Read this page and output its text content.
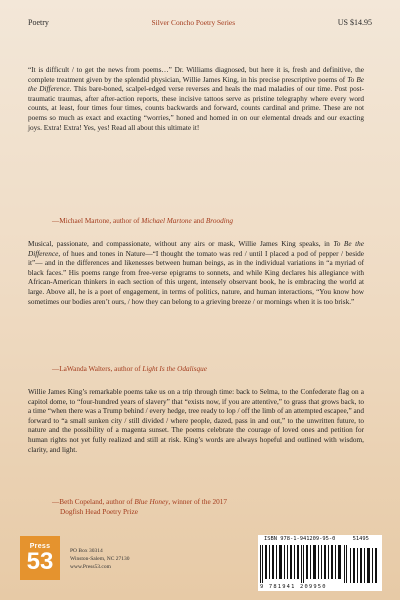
Poetry	Silver Concho Poetry Series	US $14.95
“It is difficult / to get the news from poems…” Dr. Williams diagnosed, but here it is, fresh and definitive, the complete treatment given by the splendid physician, Willie James King, in his precise prescriptive poems of To Be the Difference. This bare-boned, scalpel-edged verse reverses and heals the mad maladies of our time. Post post-traumatic traumas, after after-action reports, these incisive tattoos serve as pristine telegraphy where every word counts, at least, four times four times, counts backwards and forward, counts cardinal and prime. These are not poems so much as exact and exacting “worries,” honed and homed in on our elemental dreads and our exacting joys. Extra! Extra! Yes, yes! Read all about this ultimate it!
—Michael Martone, author of Michael Martone and Brooding
Musical, passionate, and compassionate, without any airs or mask, Willie James King speaks, in To Be the Difference, of hues and tones in Nature—“I thought the tomato was red / until I placed a pod of pepper / beside it”— and in the differences and likenesses between human beings, as in the individual variations in “a myriad of black faces.” His poems range from free-verse epigrams to sonnets, and while King declares his allegiance with African-American thinkers in each section of this urgent, intensely observant book, he is embracing the world at large. Above all, he is a poet of engagement, in terms of politics, nature, and human interactions, “You know how sometimes our bodies aren’t ours, / how they can belong to a grieving breeze / or mornings when it is too brisk.”
—LaWanda Walters, author of Light Is the Odalisque
Willie James King’s remarkable poems take us on a trip through time: back to Selma, to the Confederate flag on a capitol dome, to “four-hundred years of slavery” that “exists now, if you are attentive,” to grass that grows back, to a time “when there was a Trump behind / every hedge, tree ready to lop / off the limb of an attempted escapee,” and forward to “a small sunken city / still divided / where people, dazed, pass in and out,” to the unwritten future, to nature and the possibility of a magenta sunset. The poems celebrate the courage of loved ones and petition for human rights not yet fully realized and still at risk. King’s words are always hopeful and outlined with wisdom, clarity, and light.
—Beth Copeland, author of Blue Honey, winner of the 2017
Dogfish Head Poetry Prize
Press
53	PO Box 30314
Winston-Salem, NC 27130
www.Press53.com
ISBN 978-1-941209-95-0	51495
9 781941 209950
